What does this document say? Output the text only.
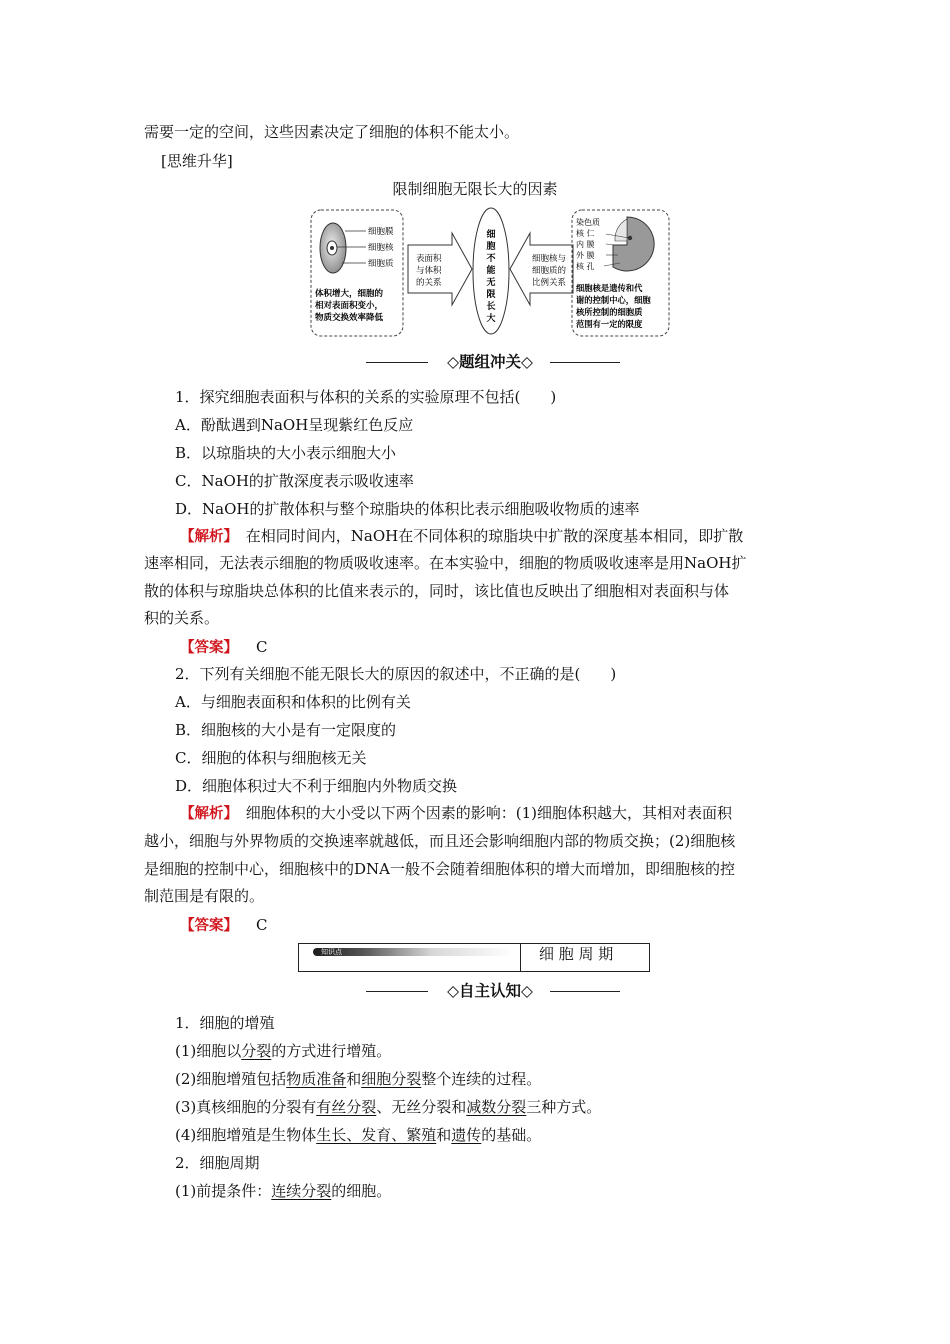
需要一定的空间，这些因素决定了细胞的体积不能太小。
[思维升华]
限制细胞无限长大的因素
细胞膜
细胞核
细胞质
体积增大，细胞的
相对表面积变小，
物质交换效率降低
表面积
与体积
的关系
细
胞
不
能
无
限
长
大
细胞核与
细胞质的
比例关系
染色质
核 仁
内 膜
外 膜
核 孔
细胞核是遗传和代
谢的控制中心，细胞
核所控制的细胞质
范围有一定的限度
◇题组冲关◇
1．探究细胞表面积与体积的关系的实验原理不包括(　　)
A．酚酞遇到NaOH呈现紫红色反应
B．以琼脂块的大小表示细胞大小
C．NaOH的扩散深度表示吸收速率
D．NaOH的扩散体积与整个琼脂块的体积比表示细胞吸收物质的速率
【解析】　在相同时间内，NaOH在不同体积的琼脂块中扩散的深度基本相同，即扩散
速率相同，无法表示细胞的物质吸收速率。在本实验中，细胞的物质吸收速率是用NaOH扩
散的体积与琼脂块总体积的比值来表示的，同时，该比值也反映出了细胞相对表面积与体
积的关系。
【答案】 C
2．下列有关细胞不能无限长大的原因的叙述中，不正确的是(　　)
A．与细胞表面积和体积的比例有关
B．细胞核的大小是有一定限度的
C．细胞的体积与细胞核无关
D．细胞体积过大不利于细胞内外物质交换
【解析】　细胞体积的大小受以下两个因素的影响：(1)细胞体积越大，其相对表面积
越小，细胞与外界物质的交换速率就越低，而且还会影响细胞内部的物质交换；(2)细胞核
是细胞的控制中心，细胞核中的DNA一般不会随着细胞体积的增大而增加，即细胞核的控
制范围是有限的。
【答案】 C
知识点	细 胞 周 期
◇自主认知◇
1．细胞的增殖
(1)细胞以分裂的方式进行增殖。
(2)细胞增殖包括物质准备和细胞分裂整个连续的过程。
(3)真核细胞的分裂有有丝分裂、无丝分裂和减数分裂三种方式。
(4)细胞增殖是生物体生长、发育、繁殖和遗传的基础。
2．细胞周期
(1)前提条件：连续分裂的细胞。
